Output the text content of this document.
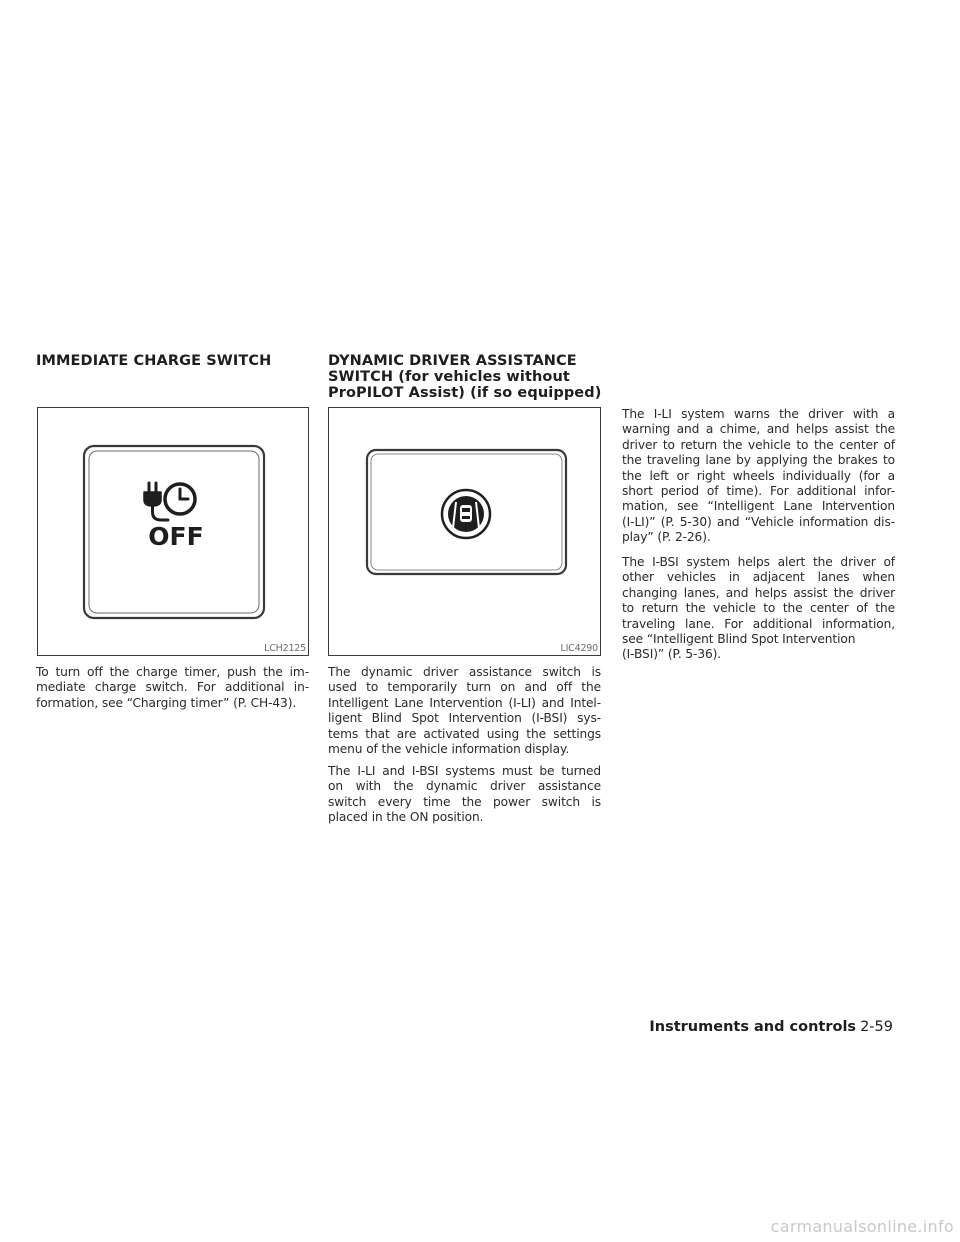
IMMEDIATE CHARGE SWITCH
OFF
LCH2125
To turn off the charge timer, push the im-
mediate charge switch. For additional in-
formation, see “Charging timer” (P. CH-43).
DYNAMIC DRIVER ASSISTANCE
SWITCH (for vehicles without
ProPILOT Assist) (if so equipped)
LIC4290
The dynamic driver assistance switch is
used to temporarily turn on and off the
Intelligent Lane Intervention (I-LI) and Intel-
ligent Blind Spot Intervention (I-BSI) sys-
tems that are activated using the settings
menu of the vehicle information display.
The I-LI and I-BSI systems must be turned
on with the dynamic driver assistance
switch every time the power switch is
placed in the ON position.
The I-LI system warns the driver with a
warning and a chime, and helps assist the
driver to return the vehicle to the center of
the traveling lane by applying the brakes to
the left or right wheels individually (for a
short period of time). For additional infor-
mation, see “Intelligent Lane Intervention
(I-LI)” (P. 5-30) and “Vehicle information dis-
play” (P. 2-26).
The I-BSI system helps alert the driver of
other vehicles in adjacent lanes when
changing lanes, and helps assist the driver
to return the vehicle to the center of the
traveling lane. For additional information,
see “Intelligent Blind Spot Intervention
(I-BSI)” (P. 5-36).
Instruments and controls 2-59
carmanualsonline.info
